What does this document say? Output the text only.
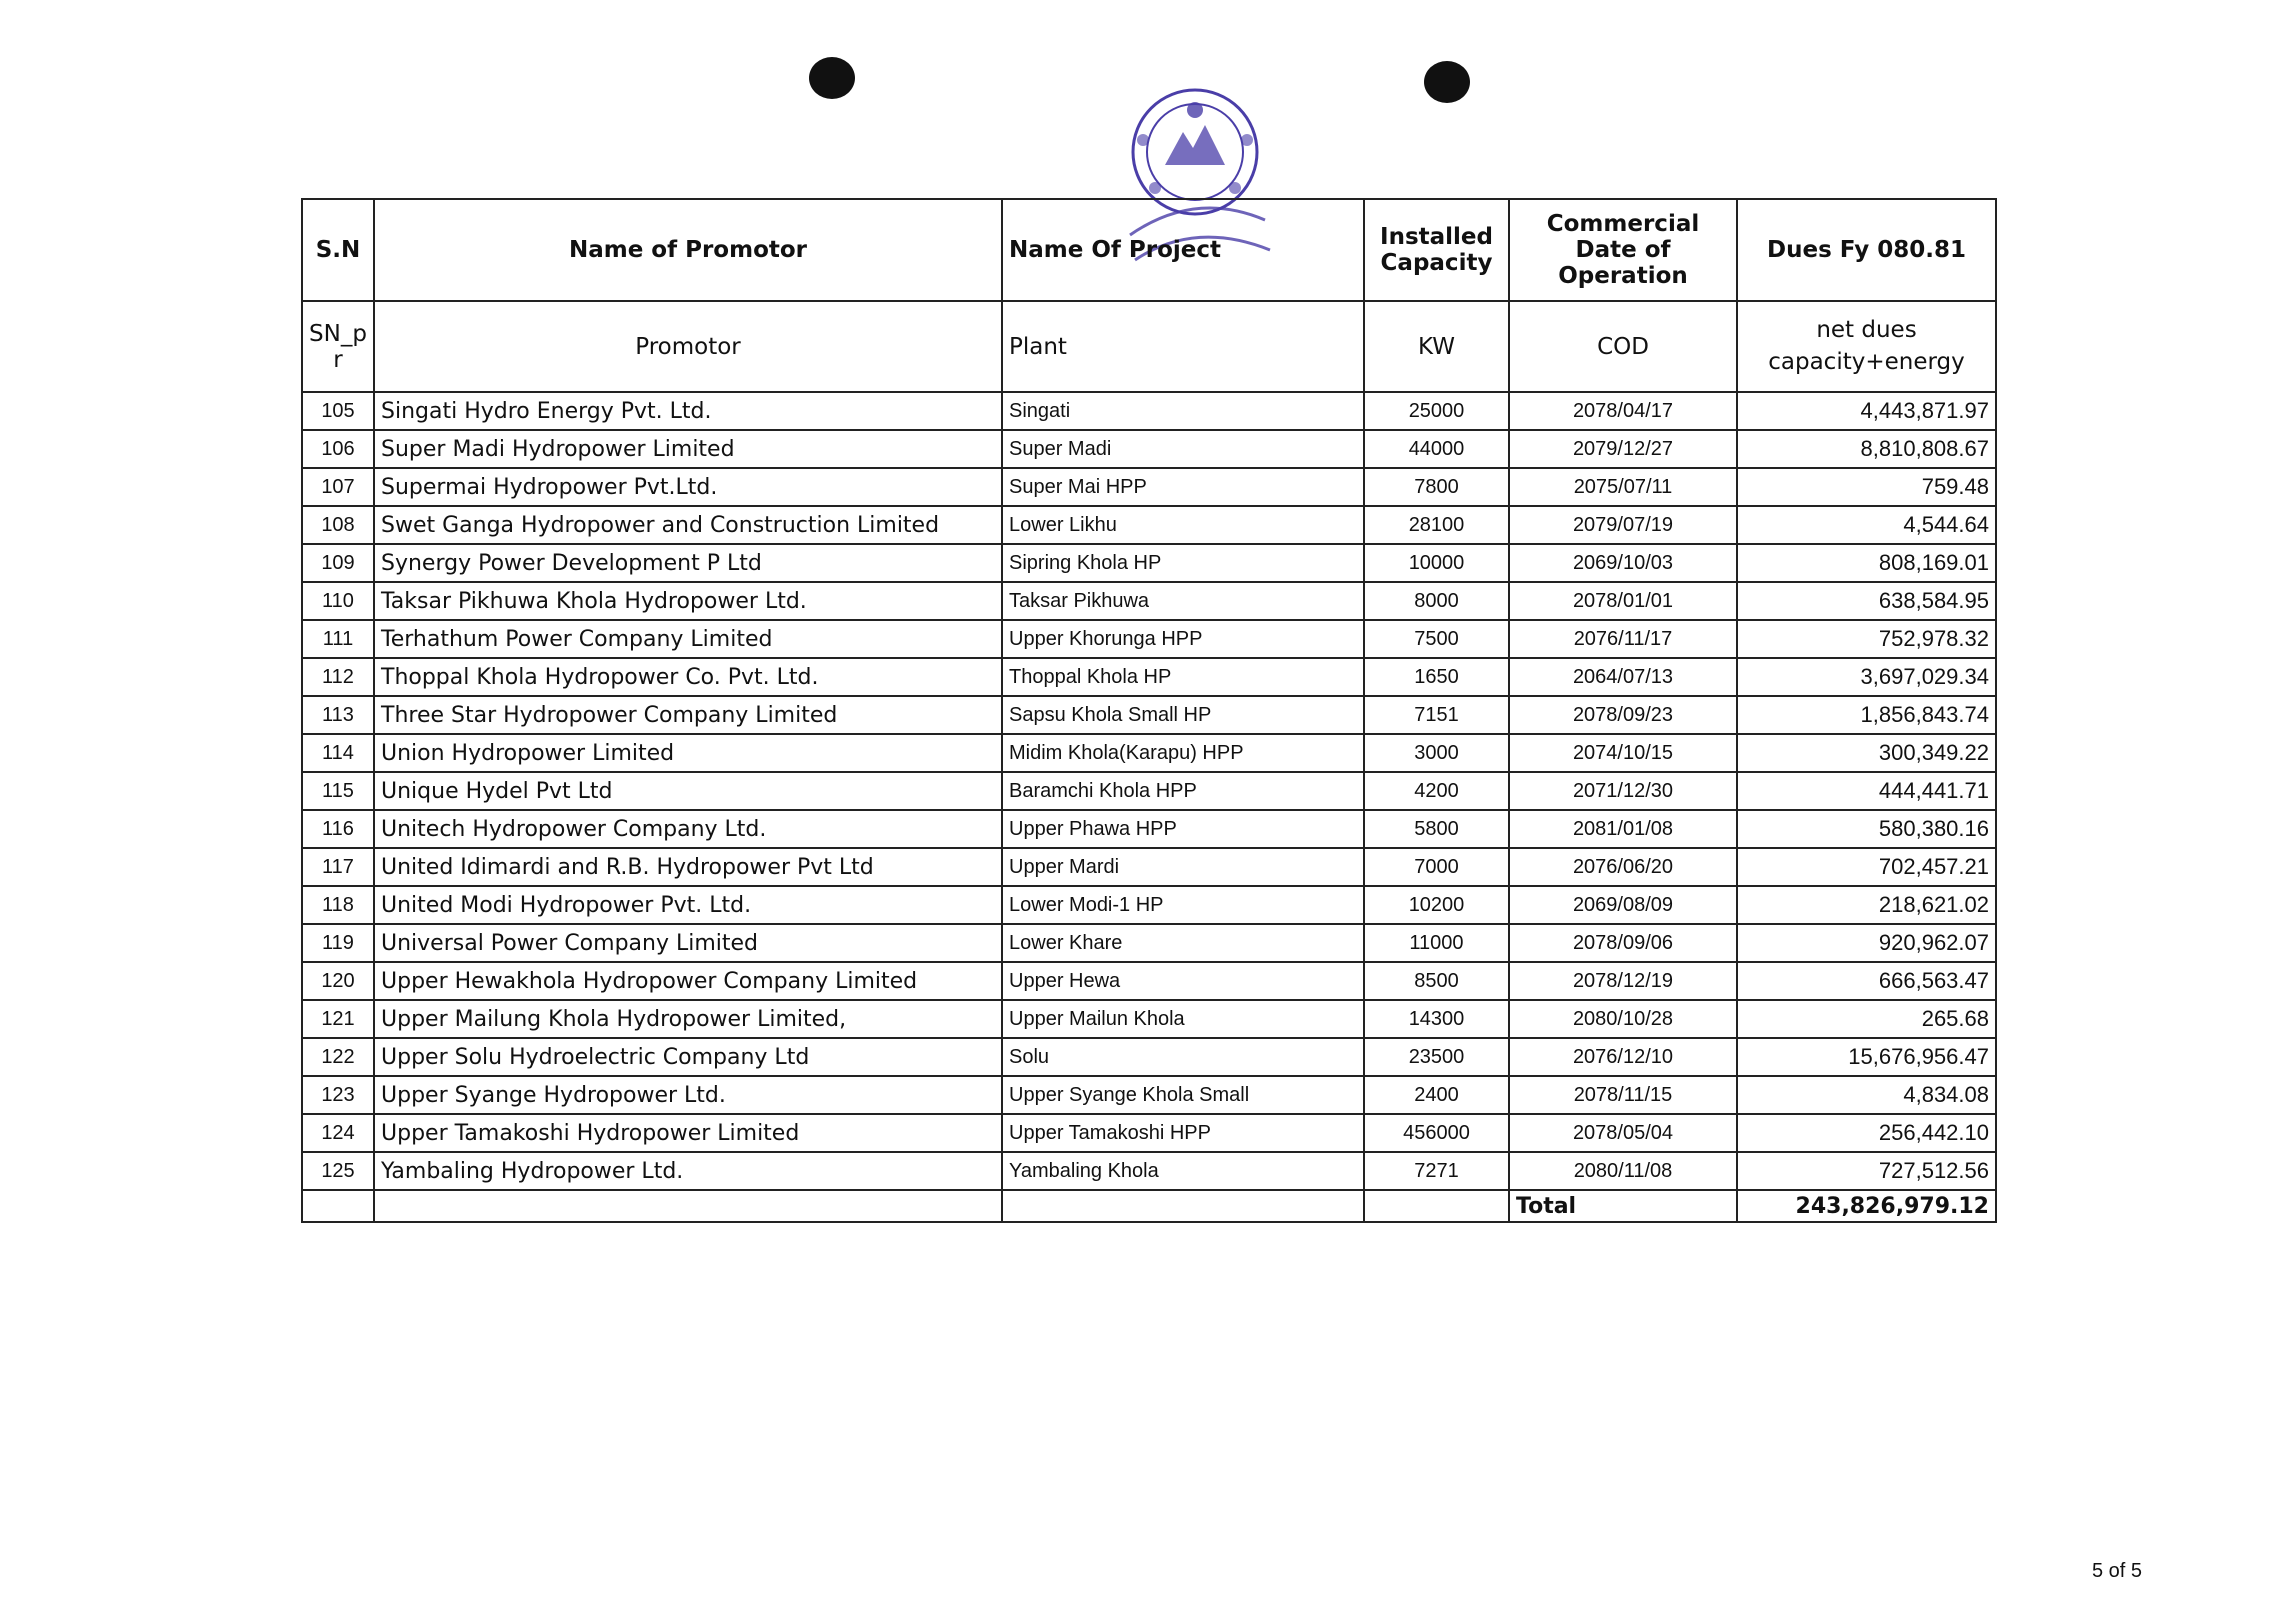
S.N	Name of Promotor	Name Of Project	Installed Capacity	Commercial Date of Operation	Dues Fy 080.81
SN_pr	Promotor	Plant	KW	COD	net dues capacity+energy
105	Singati Hydro Energy Pvt. Ltd.	Singati	25000	2078/04/17	4,443,871.97
106	Super Madi Hydropower Limited	Super Madi	44000	2079/12/27	8,810,808.67
107	Supermai Hydropower Pvt.Ltd.	Super Mai HPP	7800	2075/07/11	759.48
108	Swet Ganga Hydropower and Construction Limited	Lower Likhu	28100	2079/07/19	4,544.64
109	Synergy Power Development P Ltd	Sipring Khola HP	10000	2069/10/03	808,169.01
110	Taksar Pikhuwa Khola Hydropower Ltd.	Taksar Pikhuwa	8000	2078/01/01	638,584.95
111	Terhathum Power Company Limited	Upper Khorunga HPP	7500	2076/11/17	752,978.32
112	Thoppal Khola Hydropower Co. Pvt. Ltd.	Thoppal Khola HP	1650	2064/07/13	3,697,029.34
113	Three Star Hydropower Company Limited	Sapsu Khola Small HP	7151	2078/09/23	1,856,843.74
114	Union Hydropower Limited	Midim Khola(Karapu) HPP	3000	2074/10/15	300,349.22
115	Unique Hydel Pvt Ltd	Baramchi Khola HPP	4200	2071/12/30	444,441.71
116	Unitech Hydropower Company Ltd.	Upper Phawa HPP	5800	2081/01/08	580,380.16
117	United Idimardi and R.B. Hydropower Pvt Ltd	Upper Mardi	7000	2076/06/20	702,457.21
118	United Modi Hydropower Pvt. Ltd.	Lower Modi-1 HP	10200	2069/08/09	218,621.02
119	Universal Power Company Limited	Lower Khare	11000	2078/09/06	920,962.07
120	Upper Hewakhola Hydropower Company Limited	Upper Hewa	8500	2078/12/19	666,563.47
121	Upper Mailung Khola Hydropower Limited,	Upper Mailun Khola	14300	2080/10/28	265.68
122	Upper Solu Hydroelectric Company Ltd	Solu	23500	2076/12/10	15,676,956.47
123	Upper Syange Hydropower Ltd.	Upper Syange Khola Small	2400	2078/11/15	4,834.08
124	Upper Tamakoshi Hydropower Limited	Upper Tamakoshi HPP	456000	2078/05/04	256,442.10
125	Yambaling Hydropower Ltd.	Yambaling Khola	7271	2080/11/08	727,512.56
				Total	243,826,979.12
5 of 5
